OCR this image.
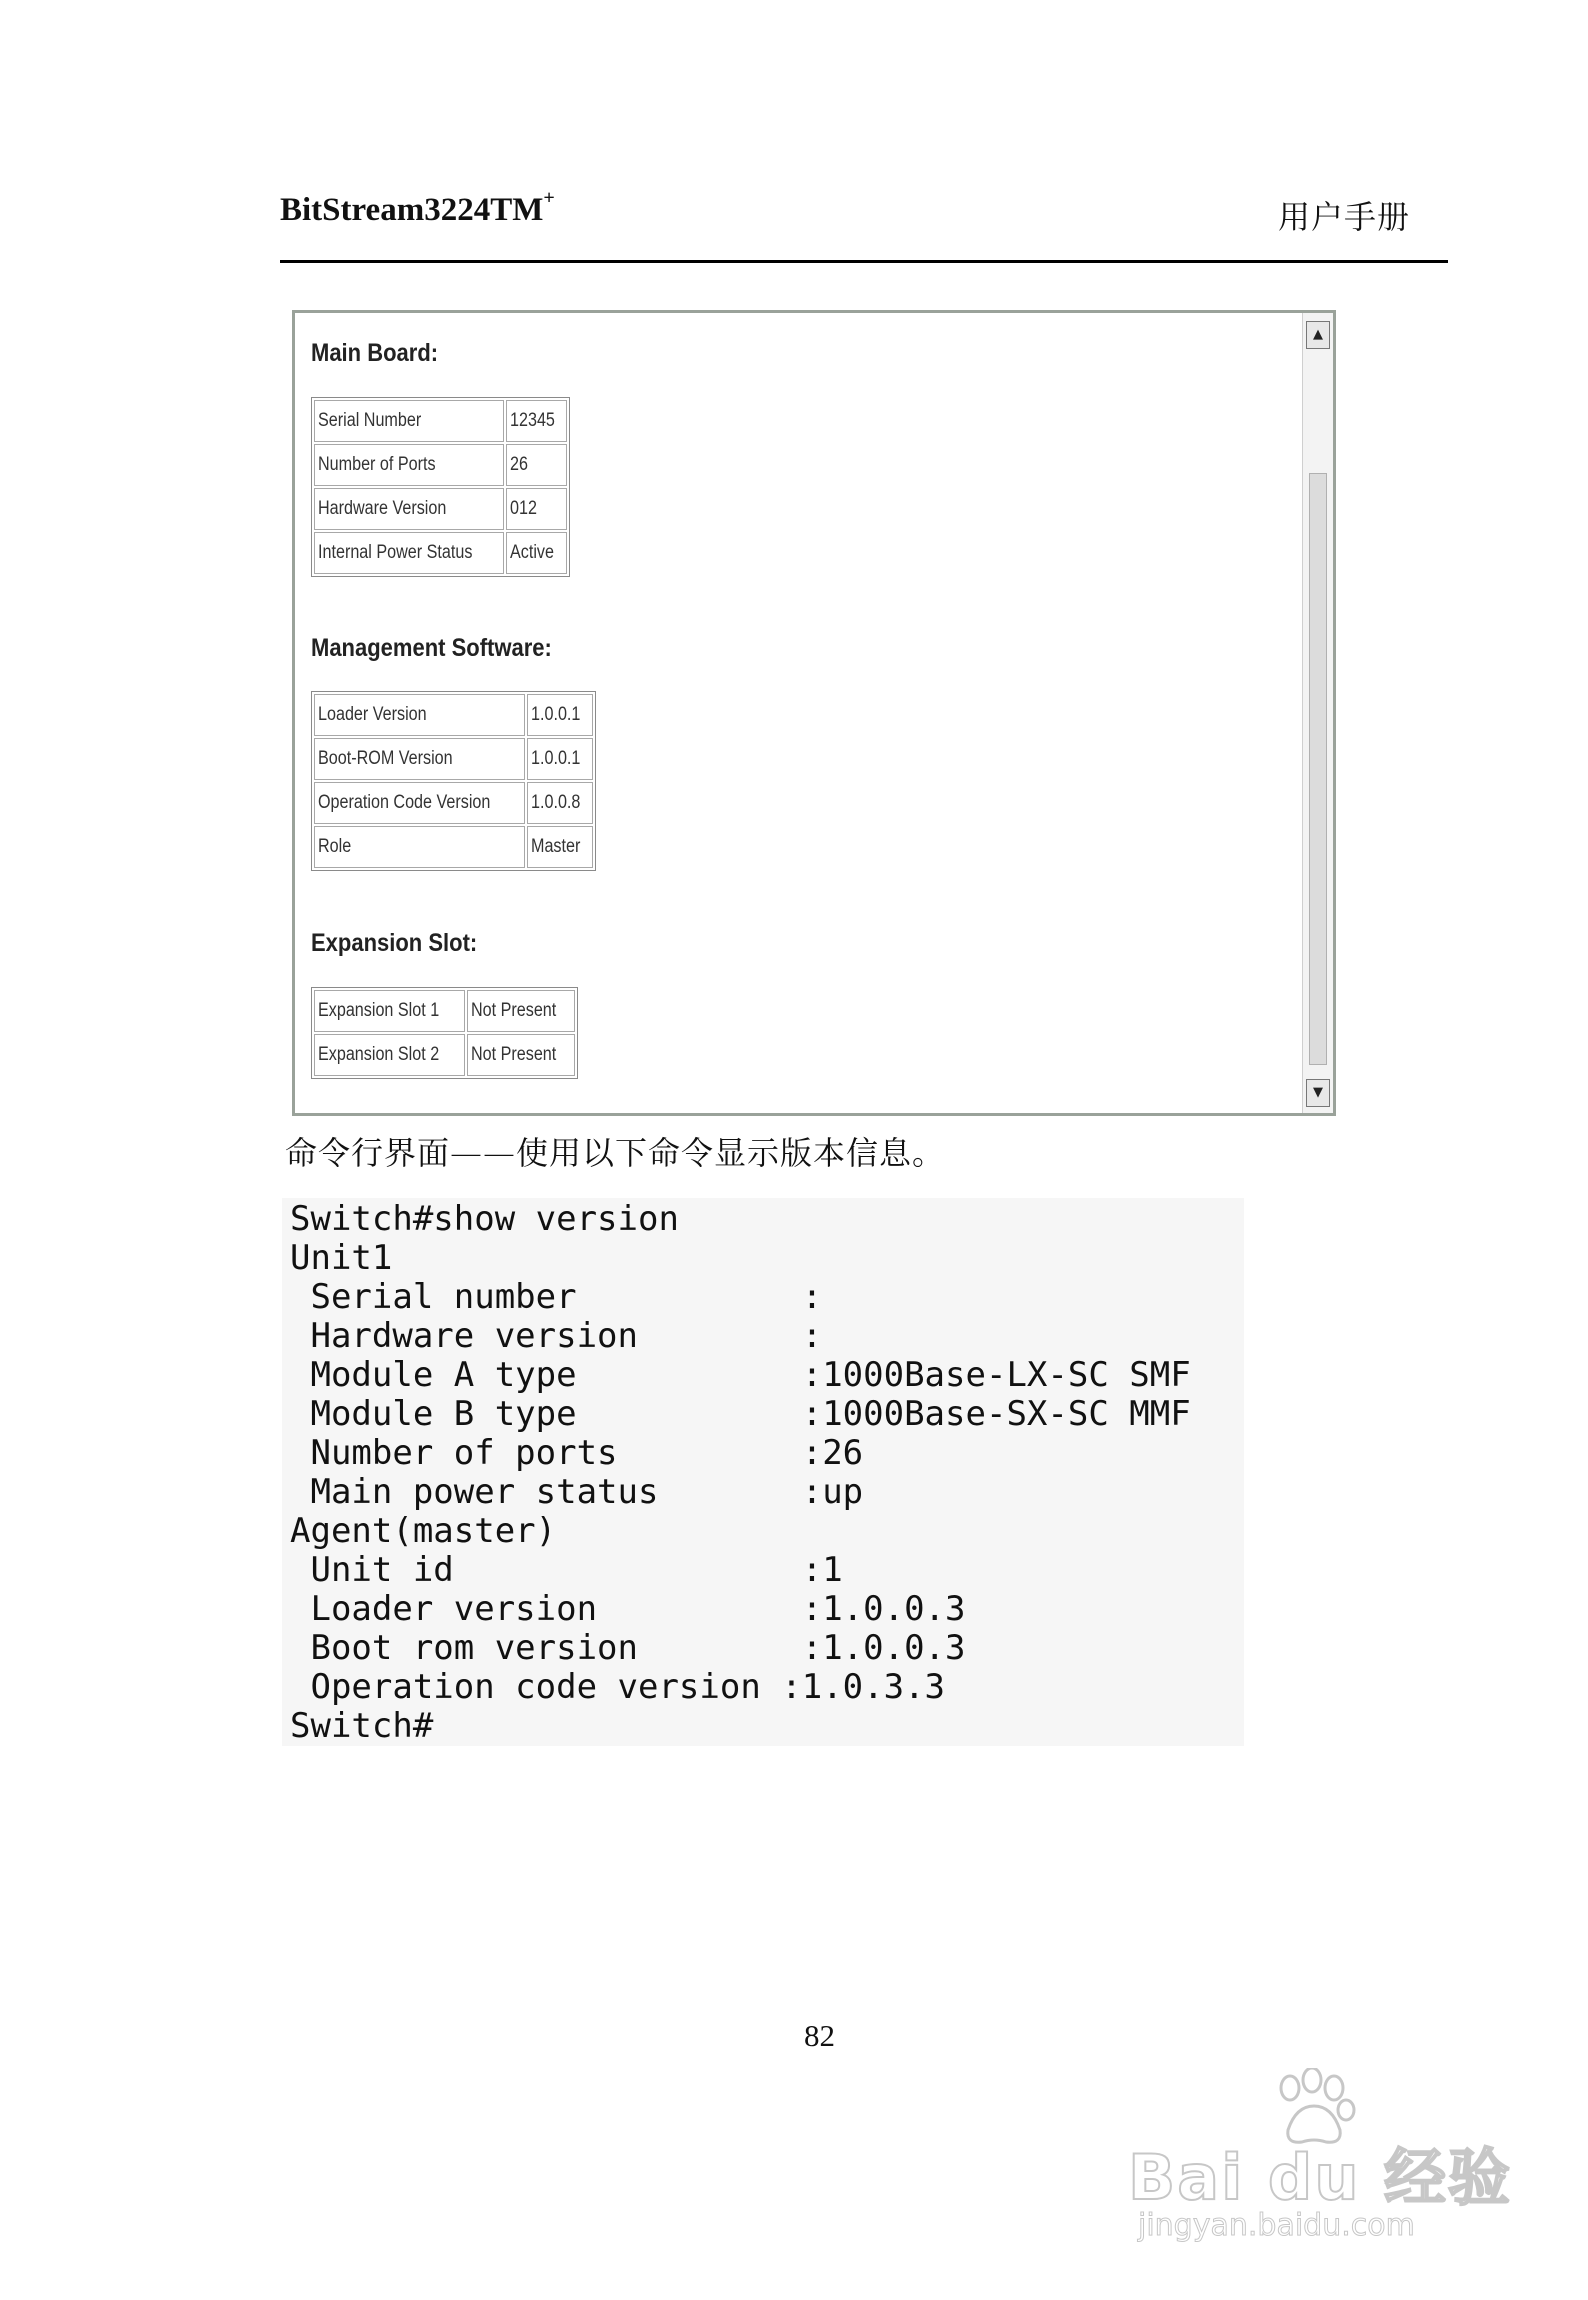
BitStream3224TM+	用户手册
Main Board:
Serial Number	12345
Number of Ports	26
Hardware Version	012
Internal Power Status	Active
Management Software:
Loader Version	1.0.0.1
Boot-ROM Version	1.0.0.1
Operation Code Version	1.0.0.8
Role	Master
Expansion Slot:
Expansion Slot 1	Not Present
Expansion Slot 2	Not Present
▲
▼
命令行界面——使用以下命令显示版本信息。
Switch#show version
Unit1
Serial number           :
Hardware version        :
Module A type           :1000Base-LX-SC SMF
Module B type           :1000Base-SX-SC MMF
Number of ports         :26
Main power status       :up
Agent(master)
Unit id                 :1
Loader version          :1.0.0.3
Boot rom version        :1.0.0.3
Operation code version :1.0.3.3
Switch#
82
Bai du 经验
jingyan.baidu.com
